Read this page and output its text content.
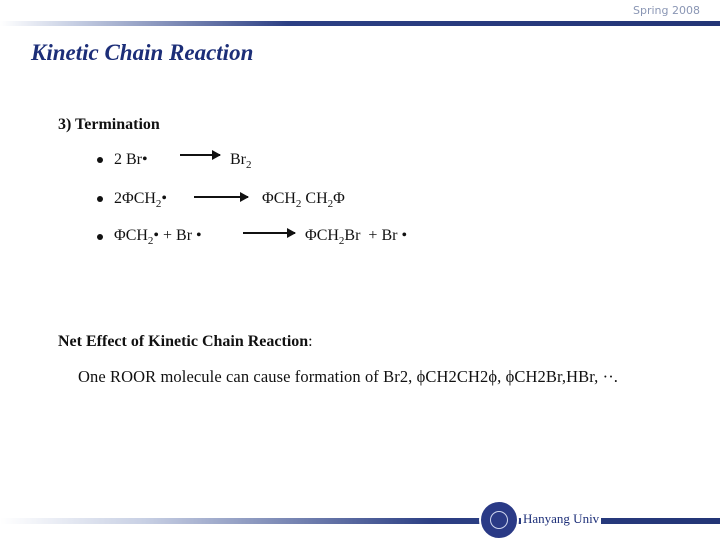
Spring 2008
Kinetic Chain Reaction
3) Termination
2 Br• → $Br_2$
$2\Phi CH_2• \to \Phi CH_2$ $CH_2\Phi$
$\Phi CH_2• + Br$ •	→ $\Phi CH_2Br + Br$ •
Net Effect of Kinetic Chain Reaction:
One ROOR molecule can cause formation of Br2, ϕCH2CH2ϕ, ϕCH2Br,HBr, ··.
Hanyang Univ
